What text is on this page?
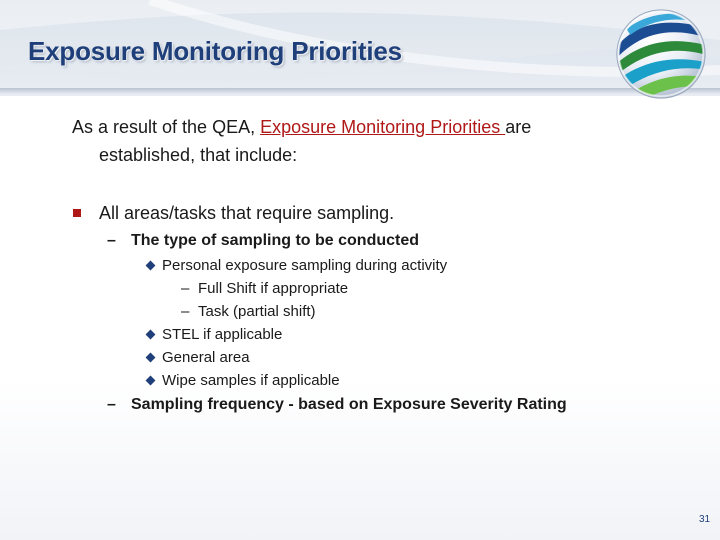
Exposure Monitoring Priorities
As a result of the QEA, Exposure Monitoring Priorities are
established, that include:
All areas/tasks that require sampling.
– The type of sampling to be conducted
Personal exposure sampling during activity
– Full Shift if appropriate
– Task (partial shift)
STEL if applicable
General area
Wipe samples if applicable
– Sampling frequency - based on Exposure Severity Rating
31
